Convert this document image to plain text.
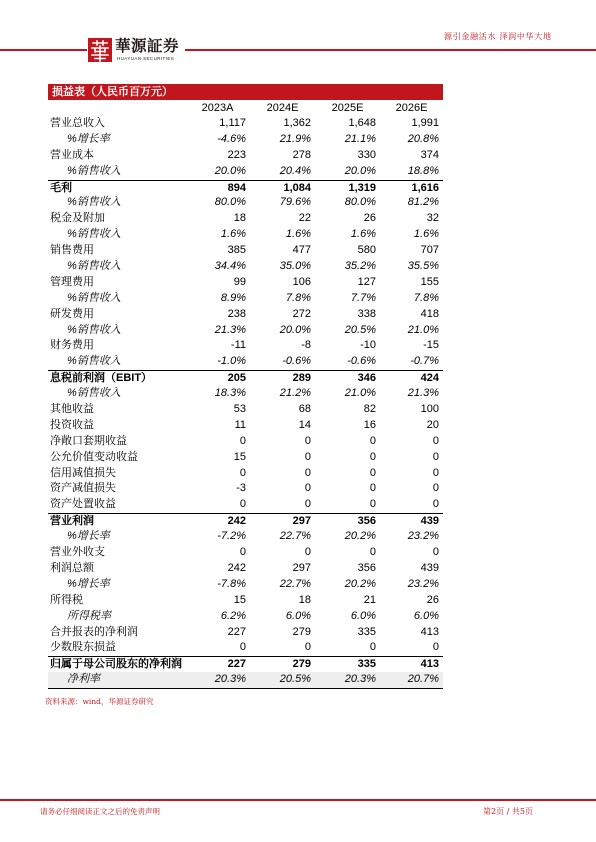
華源証券
HUAYUAN SECURITIES
源引金融活水 泽润中华大地
损益表（人民币百万元）
2023A	2024E	2025E	2026E
营业总收入	1,117	1,362	1,648	1,991
%增长率	-4.6%	21.9%	21.1%	20.8%
营业成本	223	278	330	374
%销售收入	20.0%	20.4%	20.0%	18.8%
毛利	894	1,084	1,319	1,616
%销售收入	80.0%	79.6%	80.0%	81.2%
税金及附加	18	22	26	32
%销售收入	1.6%	1.6%	1.6%	1.6%
销售费用	385	477	580	707
%销售收入	34.4%	35.0%	35.2%	35.5%
管理费用	99	106	127	155
%销售收入	8.9%	7.8%	7.7%	7.8%
研发费用	238	272	338	418
%销售收入	21.3%	20.0%	20.5%	21.0%
财务费用	-11	-8	-10	-15
%销售收入	-1.0%	-0.6%	-0.6%	-0.7%
息税前利润（EBIT）	205	289	346	424
%销售收入	18.3%	21.2%	21.0%	21.3%
其他收益	53	68	82	100
投资收益	11	14	16	20
净敞口套期收益	0	0	0	0
公允价值变动收益	15	0	0	0
信用减值损失	0	0	0	0
资产减值损失	-3	0	0	0
资产处置收益	0	0	0	0
营业利润	242	297	356	439
%增长率	-7.2%	22.7%	20.2%	23.2%
营业外收支	0	0	0	0
利润总额	242	297	356	439
%增长率	-7.8%	22.7%	20.2%	23.2%
所得税	15	18	21	26
所得税率	6.2%	6.0%	6.0%	6.0%
合并报表的净利润	227	279	335	413
少数股东损益	0	0	0	0
归属于母公司股东的净利润	227	279	335	413
净利率	20.3%	20.5%	20.3%	20.7%
资料来源：wind，华源证券研究
请务必仔细阅读正文之后的免责声明	第2页 / 共5页
